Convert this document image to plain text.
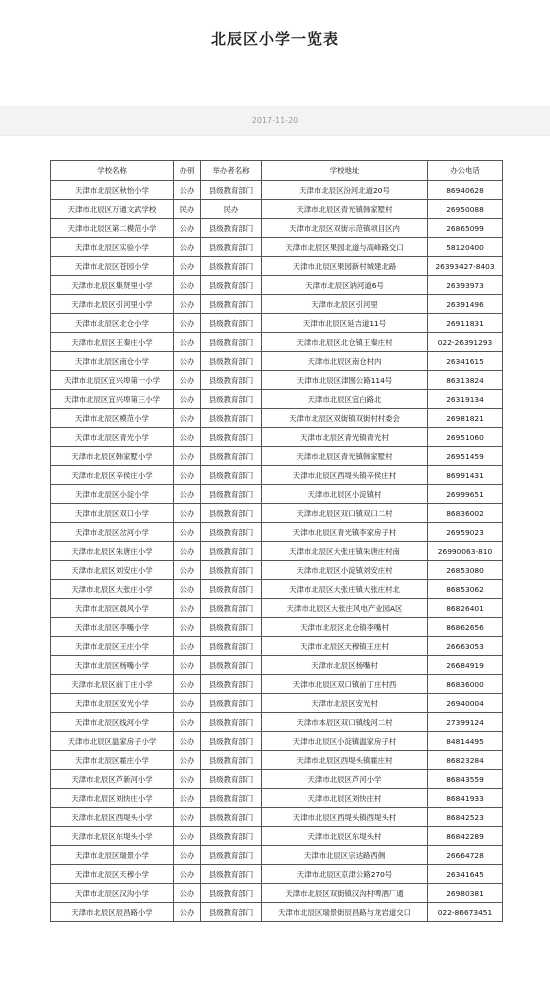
北辰区小学一览表
2017-11-20
学校名称	办别	举办者名称	学校地址	办公电话
天津市北辰区秋怡小学	公办	县级教育部门	天津市北辰区汾河北道20号	86940628
天津市北辰区万通文武学校	民办	民办	天津市北辰区青光镇韩家墅村	26950088
天津市北辰区第二模范小学	公办	县级教育部门	天津市北辰区双街示范镇项目区内	26865099
天津市北辰区实验小学	公办	县级教育部门	天津市北辰区果园北道与高峰路交口	58120400
天津市北辰区苍园小学	公办	县级教育部门	天津市北辰区果园新村城建北路	26393427-8403
天津市北辰区集贤里小学	公办	县级教育部门	天津市北辰区讷河道6号	26393973
天津市北辰区引河里小学	公办	县级教育部门	天津市北辰区引河里	26391496
天津市北辰区北仓小学	公办	县级教育部门	天津市北辰区延吉道11号	26911831
天津市北辰区王秦庄小学	公办	县级教育部门	天津市北辰区北仓镇王秦庄村	022-26391293
天津市北辰区南仓小学	公办	县级教育部门	天津市北辰区南仓村内	26341615
天津市北辰区宜兴埠第一小学	公办	县级教育部门	天津市北辰区津围公路114号	86313824
天津市北辰区宜兴埠第三小学	公办	县级教育部门	天津市北辰区宜白路北	26319134
天津市北辰区模范小学	公办	县级教育部门	天津市北辰区双街镇双街村村委会	26981821
天津市北辰区青光小学	公办	县级教育部门	天津市北辰区青光镇青光村	26951060
天津市北辰区韩家墅小学	公办	县级教育部门	天津市北辰区青光镇韩家墅村	26951459
天津市北辰区辛侯庄小学	公办	县级教育部门	天津市北辰区西堤头镇辛侯庄村	86991431
天津市北辰区小淀小学	公办	县级教育部门	天津市北辰区小淀镇村	26999651
天津市北辰区双口小学	公办	县级教育部门	天津市北辰区双口镇双口二村	86836002
天津市北辰区岔河小学	公办	县级教育部门	天津市北辰区青光镇李家房子村	26959023
天津市北辰区朱唐庄小学	公办	县级教育部门	天津市北辰区大张庄镇朱唐庄村南	26990063-810
天津市北辰区刘安庄小学	公办	县级教育部门	天津市北辰区小淀镇刘安庄村	26853080
天津市北辰区大张庄小学	公办	县级教育部门	天津市北辰区大张庄镇大张庄村北	86853062
天津市北辰区晨风小学	公办	县级教育部门	天津市北辰区大张庄风电产业园A区	86826401
天津市北辰区李嘴小学	公办	县级教育部门	天津市北辰区北仓镇李嘴村	86862656
天津市北辰区王庄小学	公办	县级教育部门	天津市北辰区天穆镇王庄村	26663053
天津市北辰区杨嘴小学	公办	县级教育部门	天津市北辰区杨嘴村	26684919
天津市北辰区前丁庄小学	公办	县级教育部门	天津市北辰区双口镇前丁庄村西	86836000
天津市北辰区安光小学	公办	县级教育部门	天津市北辰区安光村	26940004
天津市北辰区线河小学	公办	县级教育部门	天津市本辰区双口镇线河二村	27399124
天津市北辰区温家房子小学	公办	县级教育部门	天津市北辰区小淀镇温家房子村	84814495
天津市北辰区霍庄小学	公办	县级教育部门	天津市北辰区西堤头镇霍庄村	86823284
天津市北辰区芦新河小学	公办	县级教育部门	天津市北辰区芦河小学	86843559
天津市北辰区刘快庄小学	公办	县级教育部门	天津市北辰区刘快庄村	86841933
天津市北辰区西堤头小学	公办	县级教育部门	天津市北辰区西堤头镇西堤头村	86842523
天津市北辰区东堤头小学	公办	县级教育部门	天津市北辰区东堤头村	86842289
天津市北辰区瑞景小学	公办	县级教育部门	天津市北辰区宗达路西侧	26664728
天津市北辰区天穆小学	公办	县级教育部门	天津市北辰区京津公路270号	26341645
天津市北辰区汉沟小学	公办	县级教育部门	天津市北辰区双街镇汉沟村啤酒厂通	26980381
天津市北辰区辰昌路小学	公办	县级教育部门	天津市北辰区瑞景街辰昌路与龙岩道交口	022-86673451
